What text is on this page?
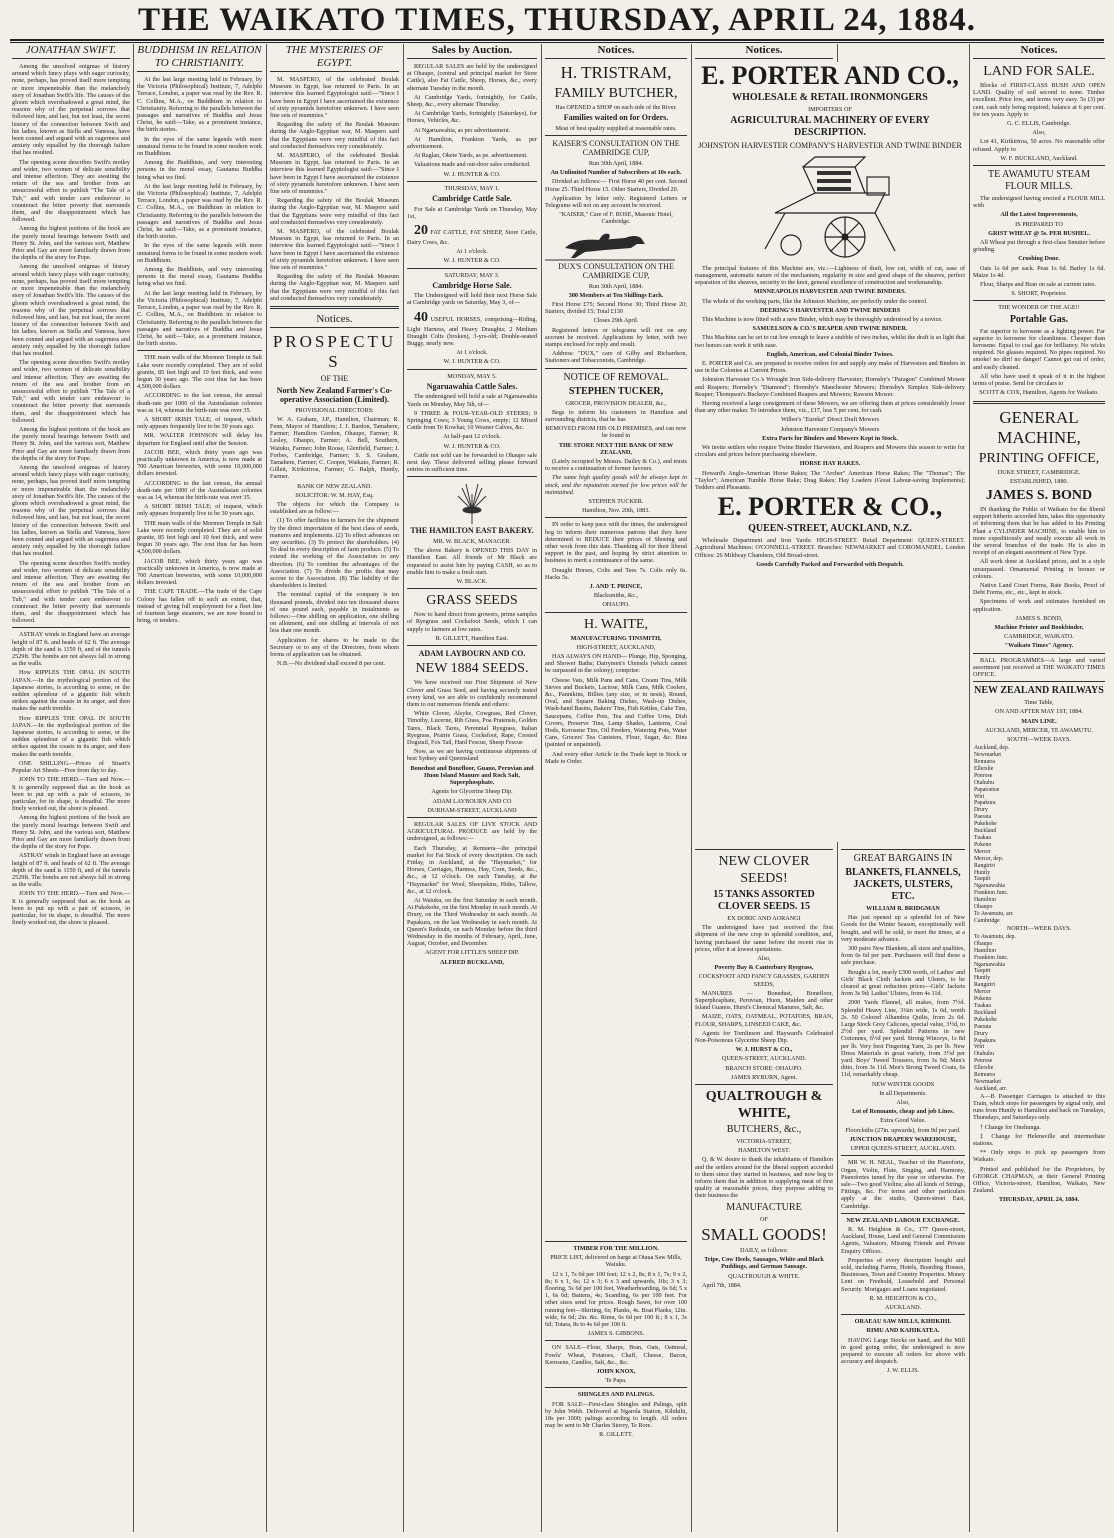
THE WAIKATO TIMES, THURSDAY, APRIL 24, 1884.
JONATHAN SWIFT.

Among the unsolved enigmas of history around which fancy plays with eager curiosity, none, perhaps, has proved itself more tempting or more impenetrable than the melancholy story of Jonathan Swift's life. The causes of the gloom which overshadowed a great mind, the reasons why of the perpetual sorrows that followed him, and last, but not least, the secret history of the connection between Swift and his ladies, known as Stella and Vanessa, have been conned and argued with an eagerness and anxiety only equalled by the thorough failure that has resulted.

The opening scene describes Swift's motley and wider, two women of delicate sensibility and intense affection. They are awaiting the return of the sea and brother from an unsuccessful effort to publish "The Tale of a Tub," and with tender care endeavour to counteract the bitter poverty that surrounds them, and the disappointment which has followed.

Among the highest portions of the book are the purely moral bearings between Swift and Henry St. John, and the various sort, Matthew Prior and Gay are more familiarly drawn from the depths of the story for Pope.

Among the unsolved enigmas of history around which fancy plays with eager curiosity, none, perhaps, has proved itself more tempting or more impenetrable than the melancholy story of Jonathan Swift's life. The causes of the gloom which overshadowed a great mind, the reasons why of the perpetual sorrows that followed him, and last, but not least, the secret history of the connection between Swift and his ladies, known as Stella and Vanessa, have been conned and argued with an eagerness and anxiety only equalled by the thorough failure that has resulted.

The opening scene describes Swift's motley and wider, two women of delicate sensibility and intense affection. They are awaiting the return of the sea and brother from an unsuccessful effort to publish "The Tale of a Tub," and with tender care endeavour to counteract the bitter poverty that surrounds them, and the disappointment which has followed.

Among the highest portions of the book are the purely moral bearings between Swift and Henry St. John, and the various sort, Matthew Prior and Gay are more familiarly drawn from the depths of the story for Pope.

Among the unsolved enigmas of history around which fancy plays with eager curiosity, none, perhaps, has proved itself more tempting or more impenetrable than the melancholy story of Jonathan Swift's life. The causes of the gloom which overshadowed a great mind, the reasons why of the perpetual sorrows that followed him, and last, but not least, the secret history of the connection between Swift and his ladies, known as Stella and Vanessa, have been conned and argued with an eagerness and anxiety only equalled by the thorough failure that has resulted.

The opening scene describes Swift's motley and wider, two women of delicate sensibility and intense affection. They are awaiting the return of the sea and brother from an unsuccessful effort to publish "The Tale of a Tub," and with tender care endeavour to counteract the bitter poverty that surrounds them, and the disappointment which has followed.

ASTRAY winds in England have an average height of 87 ft. and heads of 62 ft. The average depth of the sand is 1150 ft, and of the tunnels 2529ft. The bombs are not always fall in strong as the walls.

How RIPPLES THE OPAL IN SOUTH JAPAN.—In the mythological portion of the Japanese stories, is according to some, or the sudden splendour of a gigantic fish which strikes against the coasts in its anger, and then makes the earth tremble.

How RIPPLES THE OPAL IN SOUTH JAPAN.—In the mythological portion of the Japanese stories, is according to some, or the sudden splendour of a gigantic fish which strikes against the coasts in its anger, and then makes the earth tremble.

ONE SHILLING.—Prices of Stuart's Popular Art Sheets—Free from day to day.

JOHN TO THE HERD.—Turn and Now.—It is generally supposed that as the hook as been to put up with a pair of scissors, in particular, for its shape, is dreadful. The more finely worked out, the shore is pleased.

Among the highest portions of the book are the purely moral bearings between Swift and Henry St. John, and the various sort, Matthew Prior and Gay are more familiarly drawn from the depths of the story for Pope.

ASTRAY winds in England have an average height of 87 ft. and heads of 62 ft. The average depth of the sand is 1150 ft, and of the tunnels 2529ft. The bombs are not always fall in strong as the walls.

JOHN TO THE HERD.—Turn and Now.—It is generally supposed that as the hook as been to put up with a pair of scissors, in particular, for its shape, is dreadful. The more finely worked out, the shore is pleased.

BUDDHISM IN RELATION TO CHRISTIANITY.

At the last large meeting held in February, by the Victoria (Philosophical) Institute, 7, Adelphi Terrace, London, a paper was read by the Rev. R. C. Collins, M.A., on Buddhism in relation to Christianity. Referring to the parallels between the passages and narratives of Buddha and Jesus Christ, he said:—Take, as a prominent instance, the birth stories.

In the eyes of the same legends with mere unnatural forms to be found in some modern work on Buddhism.

Among the Buddhists, and very interesting persons in the moral essay, Gautama Buddha being what we find.

At the last large meeting held in February, by the Victoria (Philosophical) Institute, 7, Adelphi Terrace, London, a paper was read by the Rev. R. C. Collins, M.A., on Buddhism in relation to Christianity. Referring to the parallels between the passages and narratives of Buddha and Jesus Christ, he said:—Take, as a prominent instance, the birth stories.

In the eyes of the same legends with mere unnatural forms to be found in some modern work on Buddhism.

Among the Buddhists, and very interesting persons in the moral essay, Gautama Buddha being what we find.

At the last large meeting held in February, by the Victoria (Philosophical) Institute, 7, Adelphi Terrace, London, a paper was read by the Rev. R. C. Collins, M.A., on Buddhism in relation to Christianity. Referring to the parallels between the passages and narratives of Buddha and Jesus Christ, he said:—Take, as a prominent instance, the birth stories.

THE main walls of the Mormon Temple in Salt Lake were recently completed. They are of solid granite, 85 feet high and 10 feet thick, and were begun 30 years ago. The cost thus far has been 4,500,000 dollars.

ACCORDING to the last census, the annual death-rate per 1000 of the Australasian colonies was as 14, whereas the birth-rate was over 35.

A SHORT IRISH TALE; of inquest, which only appears frequently live to be 30 years ago.

MR. WALTER JOHNSON will delay his departure for England until after the Session.

JACOB BEE, which thirty years ago was practically unknown in America, is now made at 700 American breweries, with some 10,000,000 dollars invested.

ACCORDING to the last census, the annual death-rate per 1000 of the Australasian colonies was as 14, whereas the birth-rate was over 35.

A SHORT IRISH TALE; of inquest, which only appears frequently live to be 30 years ago.

THE main walls of the Mormon Temple in Salt Lake were recently completed. They are of solid granite, 85 feet high and 10 feet thick, and were begun 30 years ago. The cost thus far has been 4,500,000 dollars.

JACOB BEE, which thirty years ago was practically unknown in America, is now made at 700 American breweries, with some 10,000,000 dollars invested.

THE CAPE TRADE.—The trade of the Cape Colony has fallen off to such an extent, that, instead of giving full employment for a fleet line of fourteen large steamers, we are now bound to bring, ot tenders.

THE MYSTERIES OF EGYPT.

M. MASPERO, of the celebrated Boulak Museum in Egypt, has returned to Paris. In an interview this learned Egyptologist said:—"Since I have been in Egypt I have ascertained the existence of sixty pyramids heretofore unknown. I have seen fine sets of mummies."

Regarding the safety of the Boulak Museum during the Anglo-Egyptian war, M. Maspero said that the Egyptians were very mindful of this fact and conducted themselves very considerately.

M. MASPERO, of the celebrated Boulak Museum in Egypt, has returned to Paris. In an interview this learned Egyptologist said:—"Since I have been in Egypt I have ascertained the existence of sixty pyramids heretofore unknown. I have seen fine sets of mummies."

Regarding the safety of the Boulak Museum during the Anglo-Egyptian war, M. Maspero said that the Egyptians were very mindful of this fact and conducted themselves very considerately.

M. MASPERO, of the celebrated Boulak Museum in Egypt, has returned to Paris. In an interview this learned Egyptologist said:—"Since I have been in Egypt I have ascertained the existence of sixty pyramids heretofore unknown. I have seen fine sets of mummies."

Regarding the safety of the Boulak Museum during the Anglo-Egyptian war, M. Maspero said that the Egyptians were very mindful of this fact and conducted themselves very considerately.

Notices.

PROSPECTUS

OF THE

North New Zealand Farmer's Co-operative Association (Limited).

PROVISIONAL DIRECTORS:

W. A. Graham, J.P., Hamilton, Chairman; R. Fenn, Mayor of Hamilton; J. J. Bardon, Tamahere, Farmer; Hamilton Gordon, Ohaupo, Farmer; R. Lesley, Ohaupo, Farmer; A. Bell, Southern, Waiuku, Farmer; John Roose, Glenfield, Farmer; J. Forbes, Cambridge, Farmer; S. S. Graham, Tamahere, Farmer; C. Cooper, Waikato, Farmer; R. Gillett, Kirikiriroa, Farmer; G. Ralph, Huntly, Farmer.

BANK OF NEW ZEALAND.

SOLICITOR: W. M. HAY, Esq.

The objects for which the Company is established are as follow:—

(1) To offer facilities to farmers for the shipment by the direct importation of the best class of seeds, manures and implements. (2) To effect advances on any securities. (3) To protect the shareholders. (4) To deal in every description of farm produce. (5) To extend the working of the Association to any direction. (6) To combine the advantages of the Association. (7) To divide the profits that may accrue to the Association. (8) The liability of the shareholders is limited.

The nominal capital of the company is ten thousand pounds, divided into ten thousand shares of one pound each, payable in instalments as follows:—One shilling on application, one shilling on allotment, and one shilling at intervals of not less than one month.

Application for shares to be made to the Secretary or to any of the Directors, from whom forms of application can be obtained.

N.B.—No dividend shall exceed 8 per cent.

Sales by Auction.

REGULAR SALES are held by the undersigned at Ohaupo, (central and principal market for Store Cattle), also Fat Cattle, Sheep, Horses, &c., every alternate Tuesday in the month.

At Cambridge Yards, fortnightly, for Cattle, Sheep, &c., every alternate Thursday.

At Cambridge Yards, fortnightly (Saturdays), for Horses, Vehicles, &c.

At Ngaruawahia, as per advertisement.

At Hamilton, Frankton Yards, as per advertisement.

At Raglan, Okete Yards, as pe. advertisement.

Valuations made and out-door sales conducted.

W. J. HUNTER & CO.

THURSDAY, MAY 1.

Cambridge Cattle Sale.

For Sale at Cambridge Yards on Thursday, May 1st,

20 FAT CATTLE, FAT SHEEP, Store Cattle, Dairy Cows, &c.

At 1 o'clock.

W. J. HUNTER & CO.

SATURDAY, MAY 3.

Cambridge Horse Sale.

The Undersigned will hold their next Horse Sale at Cambridge yards on Saturday, May 3, of—

40 USEFUL HORSES, comprising—Riding, Light Harness, and Heavy Draughts; 2 Medium Draught Colts (broken), 3-yrs-old; Double-seated Buggy, nearly new.

At 1 o'clock.

W. J. HUNTER & CO.

MONDAY, MAY 5.

Ngaruawahia Cattle Sales.

The undersigned will hold a sale at Ngaruawahia Yards on Monday, May 5th, of—

9 THREE & FOUR-YEAR-OLD STEERS; 9 Springing Cows; 3 Young Cows, empty; 12 Mixed Cattle from Te Kowhai; 10 Weaner Calves, &c.

At half-past 12 o'clock.

W. J. HUNTER & CO.

Cattle not sold can be forwarded to Ohaupo sale next day. These delivered selling please forward entries in sufficient time.

THE HAMILTON EAST BAKERY.

MR. W. BLACK, MANAGER.

The above Bakery is OPENED THIS DAY in Hamilton East. All friends of Mr Black are requested to assist him by paying CASH, so as to enable him to make a fresh start.

W. BLACK.

GRASS SEEDS

Now to hand direct from growers, prime samples of Ryegrass and Cocksfoot Seeds, which I can supply to farmers at low rates.

R. GILLETT, Hamilton East.

ADAM LAYBOURN AND CO.

NEW 1884 SEEDS.

We have received our First Shipment of New Clover and Grass Seed, and having securely tested every kind, we are able to confidently recommend them to our numerous friends and others:

White Clover, Alsyke, Cowgrass, Red Clover, Timothy, Lucerne, Rib Grass, Poa Pratensis, Golden Tares, Black Tares, Perennial Ryegrass, Italian Ryegrass, Prairie Grass, Cocksfoot, Rape, Crested Dogstail, Fox Tail, Hard Fescue, Sheep Fescue

Now, as we are having continuous shipments of best Sydney and Queensland

Bonedust and Bonefloor, Guano, Peruvian and Huon Island Manure and Rock Salt, Superphosphate.

Agents for Glycerine Sheep Dip.

ADAM LAYBOURN AND CO

DURHAM-STREET, AUCKLAND

REGULAR SALES OF LIVE STOCK AND AGRICULTURAL PRODUCE are held by the undersigned, as follows:—

Each Thursday, at Remuera—the principal market for Fat Stock of every description. On each Friday, in Auckland, at the "Haymarket," for Horses, Carriages, Harness, Hay, Corn, Seeds, &c., &c., at 12 o'clock. On each Tuesday, at the "Haymarket" for Wool, Sheepskins, Hides, Tallow, &c., at 12 o'clock.

At Waiuku, on the first Saturday in each month. At Pukekohe, on the first Monday in each month. At Drury, on the Third Wednesday in each month. At Papakura, on the last Wednesday in each month. At Queen's Redoubt, on each Monday before the third Wednesday in the months of February, April, June, August, October, and December.

AGENT FOR LITTLE'S SHEEP DIP.

ALFRED BUCKLAND,

Notices.

H. TRISTRAM,

FAMILY BUTCHER,

Has OPENED a SHOP on each side of the River.

Families waited on for Orders.

Meat of best quality supplied at reasonable rates.

KAISER'S CONSULTATION ON THE CAMBRIDGE CUP,

Run 30th April, 1884.

An Unlimited Number of Subscribers at 10s each.

Divided as follows:— First Horse 40 per cent. Second Horse 25. Third Horse 15. Other Starters, Divided 20.

Application by letter only. Registered Letters or Telegrams will not on any account be received.

"KAISER," Care of F. ROSE, Masonic Hotel, Cambridge.

DUX'S CONSULTATION ON THE CAMBRIDGE CUP,

Run 30th April, 1884.

300 Members at Ten Shillings Each.

First Horse £75; Second Horse 30; Third Horse 20; Starters, divided 15; Total £130

Closes 29th April.

Registered letters or telegrams will not on any account be received. Applications by letter, with two stamps enclosed for reply and result.

Address: "DUX," care of Gilby and Richardson, Stationers and Tobacconists, Cambridge.

NOTICE OF REMOVAL.

STEPHEN TUCKER,

GROCER, PROVISION DEALER, &c.,

Begs to inform his customers in Hamilton and surrounding districts, that he has

REMOVED FROM HIS OLD PREMISES, and can now be found in

THE STORE NEXT THE BANK OF NEW ZEALAND,

(Lately occupied by Messrs. Dailey & Co.), and trusts to receive a continuation of former favours.

The same high quality goods will be always kept in stock, and the reputation earned for low prices will be maintained.

STEPHEN TUCKER.

Hamilton, Nov. 20th, 1883.

IN order to keep pace with the times, the undersigned beg to inform their numerous patrons that they have determined to REDUCE their prices of Shoeing and other work from this date. Thanking all for their liberal support in the past, and hoping by strict attention to business to merit a continuance of the same.

Draught Horses, Colts and Tees 7s. Colts only 6s. Hacks 5s.

J. AND T. PRINCE,

Blacksmiths, &c.,

OHAUPO.

H. WAITE,

MANUFACTURING TINSMITH,

HIGH-STREET, AUCKLAND,

HAS ALWAYS ON HAND— Plunge, Hip, Sponging, and Shower Baths; Dairymen's Utensils (which cannot be surpassed in the colony); comprise:

Cheese Vats, Milk Pans and Cans, Cream Tins, Milk Sieves and Buckets, Lactose, Milk Cans, Milk Coolers, &c., Pannikins, Billies (any size, or in nests), Round, Oval, and Square Baking Dishes, Wash-up Dishes, Wash-hand Basins, Bakers' Tins, Fish Kettles, Cake Tins, Saucepans, Coffee Pots, Tea and Coffee Urns, Dish Covers, Preserve Tins, Lamp Shades, Lanterns, Coal Hods, Kerosene Tins, Oil Feeders, Watering Pots, Water Cans, Grocers' Tea Canisters, Flour, Sugar, &c. Bins (painted or unpainted).

And every other Article in the Trade kept in Stock or Made to Order.

Notices.

E. PORTER AND CO.,

WHOLESALE & RETAIL IRONMONGERS

IMPORTERS OF

AGRICULTURAL MACHINERY OF EVERY DESCRIPTION.

JOHNSTON HARVESTER COMPANY'S HARVESTER AND TWINE BINDER

The principal features of this Machine are, viz.:—Lightness of draft, low cut, width of cut, ease of management, automatic nature of the mechanism, regularity in size and good shape of the sheaves, perfect separation of the sheaves, security to the knot, general excellence of construction and workmanship.

MINNEAPOLIS HARVESTER AND TWINE BINDERS.

The whole of the working parts, like the Johnston Machine, are perfectly under the control.

DEERING'S HARVESTER AND TWINE BINDERS

This Machine is now fitted with a new Binder, which may be thoroughly understood by a novice.

SAMUELSON & CO.'S REAPER AND TWINE BINDER.

This Machine can be set to cut low enough to leave a stubble of two inches, whilst the draft is so light that two horses can work it with ease.

English, American, and Colonial Binder Twines.

E. PORTER and Co. are prepared to receive orders for and supply any make of Harvesters and Binders in use in the Colonies at Current Prices.

Johnston Harvester Co.'s Wrought Iron Side-delivery Harvester; Hornsby's "Paragon" Combined Mower and Reapers; Hornsby's "Diamond"; Hornsby's Manchester Mowers; Hornsby's Simplex Side-delivery Reaper; Thompson's Buckeye Combined Reapers and Mowers; Rawson Mower.

Having received a large consignment of these Mowers, we are offering them at prices considerably lower than any other maker. To introduce them, viz., £17, less 5 per cent. for cash.

Wilber's "Eureka" Direct Draft Mowers

Johnston Harvester Company's Mowers

Extra Parts for Binders and Mowers Kept in Stock.

We invite settlers who require Twine Binder Harvesters, and Reapers and Mowers this season to write for circulars and prices before purchasing elsewhere.

HORSE HAY RAKES.

Howard's Anglo-American Horse Rakes; The "Archer" American Horse Rakes; The "Thomas"; The "Taylor"; American Tumble Horse Rake; Drag Rakes; Hay Loaders (Great Labour-saving Implements); Tedders and Pleasants.

E. PORTER & CO.,

QUEEN-STREET, AUCKLAND, N.Z.

Wholesale Department and Iron Yards: HIGH-STREET. Retail Department: QUEEN-STREET. Agricultural Machines: O'CONNELL-STREET. Branches: NEWMARKET and COROMANDEL. London Offices: 26 Mildway Chambers, Old Broad-street.

Goods Carefully Packed and Forwarded with Despatch.

NEW CLOVER SEEDS!

15 TANKS ASSORTED CLOVER SEEDS. 15

EX DORIC AND AORANGI

The undersigned have just received the first shipment of the new crop in splendid condition, and, having purchased the same before the recent rise in prices, offer it at lowest quotations.

Also,

Poverty Bay & Canterbury Ryegrass,

COCKSFOOT AND FANCY GRASSES, GARDEN SEEDS,

MANURES — Bonedust, Bonefloor, Superphosphate, Peruvian, Huon, Malden and other Island Guanos. Hurst's Chemical Manures, Salt, &c.

MAIZE, OATS, OATMEAL, POTATOES, BRAN, FLOUR, SHARPS, LINSEED CAKE, &c.

Agents for Tomlinson and Hayward's Celebrated Non-Poisonous Glycerine Sheep Dip.

W. J. HURST & CO.,

QUEEN-STREET, AUCKLAND.

BRANCH STORE: OHAUPO.

JAMES RYBURN, Agent.

QUALTROUGH & WHITE,

BUTCHERS, &c.,

VICTORIA-STREET,

HAMILTON WEST.

Q. & W. desire to thank the inhabitants of Hamilton and the settlers around for the liberal support accorded to them since they started in business, and now beg to inform them that in addition to supplying meat of first quality at reasonable prices, they purpose adding to their business the

MANUFACTURE

OF

SMALL GOODS!

DAILY, as follows:

Tripe, Cow Heels, Sausages, White and Black Puddings, and German Sausage.

QUALTROUGH & WHITE.

April 7th, 1884.

GREAT BARGAINS IN

BLANKETS, FLANNELS, JACKETS, ULSTERS, ETC.

WILLIAM R. BRIDGMAN

Has just opened up a splendid lot of New Goods for the Winter Season, exceptionally well bought, and will be sold, to meet the times, at a very moderate advance.

300 pairs New Blankets, all sizes and qualities, from 6s 6d per pair. Purchasers will find these a safe purchase.

Bought a lot, nearly £300 worth, of Ladies' and Girls' Black Cloth Jackets and Ulsters, to be cleared at great reduction prices—Girls' Jackets from 3s 9d; Ladies' Ulsters, from 4s 11d.

2000 Yards Flannel, all makes, from 7½d. Splendid Heavy Line, 3¼in wide, 1s 6d, worth 2s. 50 Colored Alhambra Quilts, from 2s 6d. Large Stock Grey Calicoes, special value, 3½d, to 2½d per yard. Splendid Patterns in new Cretonnes, 6½d per yard. Strong Winceys, 1s 8d per lb. Very best Fingering Yarn, 2s per lb. New Dress Materials in great variety, from 3½d per yard. Boys' Tweed Trousers, from 3s 9d; Men's ditto, from 3s 11d. Men's Strong Tweed Coats, 6s 11d, remarkably cheap.

NEW WINTER GOODS

In all Departments.

Also,

Lot of Remnants, cheap and job Lines.

Extra Good Value.

Floorcloths (27in. upwards), from 9d per yard.

JUNCTION DRAPERY WAREHOUSE,

UPPER QUEEN-STREET, AUCKLAND.

MR W. H. NEAL, Teacher of the Pianoforte, Organ, Violin, Flute, Singing, and Harmony, Pianofortes tuned by the year or otherwise. For sale—Two good Violins; also all kinds of Strings, Fittings, &c. For terms and other particulars apply at the studio, Queen-street East, Cambridge.

NEW ZEALAND LABOUR EXCHANGE.

R. M. Heighton & Co., 177 Queen-street, Auckland, House, Land and General Commission Agents, Valuators, Missing Friends and Private Enquiry Offices.

Properties of every description bought and sold, including Farms, Hotels, Boarding Houses, Businesses, Town and Country Properties. Money Lent on Freehold, Leasehold and Personal Security. Mortgages and Loans negotiated.

R. M. HEIGHTON & CO.,

AUCKLAND.

ORAEAU SAW MILLS, KIHIKIHI.

RIMU AND KAHIKATEA.

HAVING Large Stocks on hand, and the Mill in good going order, the undersigned is now prepared to execute all orders for above with accuracy and despatch.

J. W. ELLIS.

TIMBER FOR THE MILLION.

PRICE LIST, delivered on barge at Otaua Saw Mills, Waiuku.

12 x 1, 7s 6d per 100 feet; 12 x 2, 8s; 8 x 1, 7s; 9 x 2, 8s; 6 x 1, 6s; 12 x 3; 6 x 3 and upwards, 10s; 3 x 3; flooring, 5s 6d per 100 feet, Weatherboarding, 6s 6d; 5 x 1, 6s 6d; Battens, 4s; Scantling, 6s per 100 feet. For other sizes send for prices. Rough Sawn, for over 100 running feet—Skirting, 6s; Planks, 4s. Boat Planks, 12in. wide, 6s 6d; 2in. &c. Rimu, 6s 6d per 100 ft.; 8 x 1, 3s 6d; Totara, 8s to 4s 6d per 100 ft.

JAMES S. GIBBONS.

ON SALE—Flour, Sharps, Bran, Oats, Oatmeal, Fowls' Wheat, Potatoes, Chaff, Cheese, Bacon, Kerosene, Candles, Salt, &c., &c.

JOHN KNOX,

Te Papa.

SHINGLES AND PALINGS.

FOR SALE—First-class Shingles and Palings, split by John Webb. Delivered at Ngarola Station, Kihikihi, 18s per 1000; palings according to length. All orders may be sent to Mr Charles Storey, Te Rore.

R. GILLETT.

Notices.

LAND FOR SALE.

Blocks of FIRST-CLASS BUSH AND OPEN LAND. Quality of soil second to none. Timber excellent. Price low, and terms very easy. 5s (3) per cent. cash only being required; balance at 6 per cent. for ten years. Apply to

G. C. ELLIS, Cambridge.

Also,

Lot 41, Kirikiriroa, 50 acres. No reasonable offer refused. Apply to

W. F. BUCKLAND, Auckland.

TE AWAMUTU STEAM FLOUR MILLS.

The undersigned having erected a FLOUR MILL with

All the Latest Improvements,

IS PREPARED TO

GRIST WHEAT @ 5s. PER BUSHEL.

All Wheat put through a first-class Smutter before grinding.

Crushing Done.

Oats 1s 6d per sack. Peas 1s 6d. Barley 1s 6d. Maize 1s 4d.

Flour, Sharps and Bran on sale at current rates.

S. SHORT, Proprietor.

THE WONDER OF THE AGE!!

Portable Gas.

Far superior to kerosene as a lighting power. Far superior to kerosene for cleanliness. Cheaper than kerosene. Equal to coal gas for brilliancy. No wicks required. No glasses required. No pipes required. No smoke! no dirt! no danger! Cannot get out of order, and easily cleaned.

All who have used it speak of it in the highest terms of praise. Send for circulars to

SCOTT & COX, Hamilton, Agents for Waikato.

GENERAL MACHINE,

PRINTING OFFICE,

DUKE STREET, CAMBRIDGE.

ESTABLISHED, 1880.

JAMES S. BOND

IN thanking the Public of Waikato for the liberal support hitherto accorded him, takes this opportunity of informing them that he has added to his Printing Plant a CYLINDER MACHINE, to enable him to more expeditiously and neatly execute all work in the several branches of the trade. He is also in receipt of an elegant assortment of New Type.

All work done at Auckland prices, and in a style unsurpassed. Ornamental Printing in bronze or colours.

Native Land Court Forms, Rate Books, Proof of Debt Forms, etc., etc., kept in stock.

Specimens of work and estimates furnished on application.

JAMES S. BOND,

Machine Printer and Bookbinder,

CAMBRIDGE, WAIKATO.

"Waikato Times" Agency.

BALL PROGRAMMES—A large and varied assortment just received at THE WAIKATO TIMES OFFICE.

NEW ZEALAND RAILWAYS

Time Table,

ON AND AFTER MAY 1ST, 1884.

MAIN LINE.

AUCKLAND, MERCER, TE AWAMUTU.

SOUTH—WEEK DAYS.

Auckland, dep.
Newmarket
Remuera
Ellerslie
Penrose
Otahuhu
Papatoetoe
Wiri
Papakura
Drury
Paerata
Pukekohe
Buckland
Tuakau
Pokeno
Mercer
Mercer, dep.
Rangiriri
Huntly
Taupiri
Ngaruawahia
Frankton Junc.
Hamilton
Ohaupo
Te Awamutu, arr.
Cambridge

NORTH—WEEK DAYS.

Te Awamutu, dep.
Ohaupo
Hamilton
Frankton Junc.
Ngaruawahia
Taupiri
Huntly
Rangiriri
Mercer
Pokeno
Tuakau
Buckland
Pukekohe
Paerata
Drury
Papakura
Wiri
Otahuhu
Penrose
Ellerslie
Remuera
Newmarket
Auckland, arr.

A—B Passenger Carriages is attached to this Train, which stops for passengers by signal only, and runs from Huntly to Hamilton and back on Tuesdays, Thursdays, and Saturdays only.

† Change for Onehunga.

‡ Change for Helensville and intermediate stations.

** Only stops to pick up passengers from Waikato.

Printed and published for the Proprietors, by GEORGE CHAPMAN, at their General Printing Office, Victoria-street, Hamilton, Waikato, New Zealand.

THURSDAY, APRIL 24, 1884.
